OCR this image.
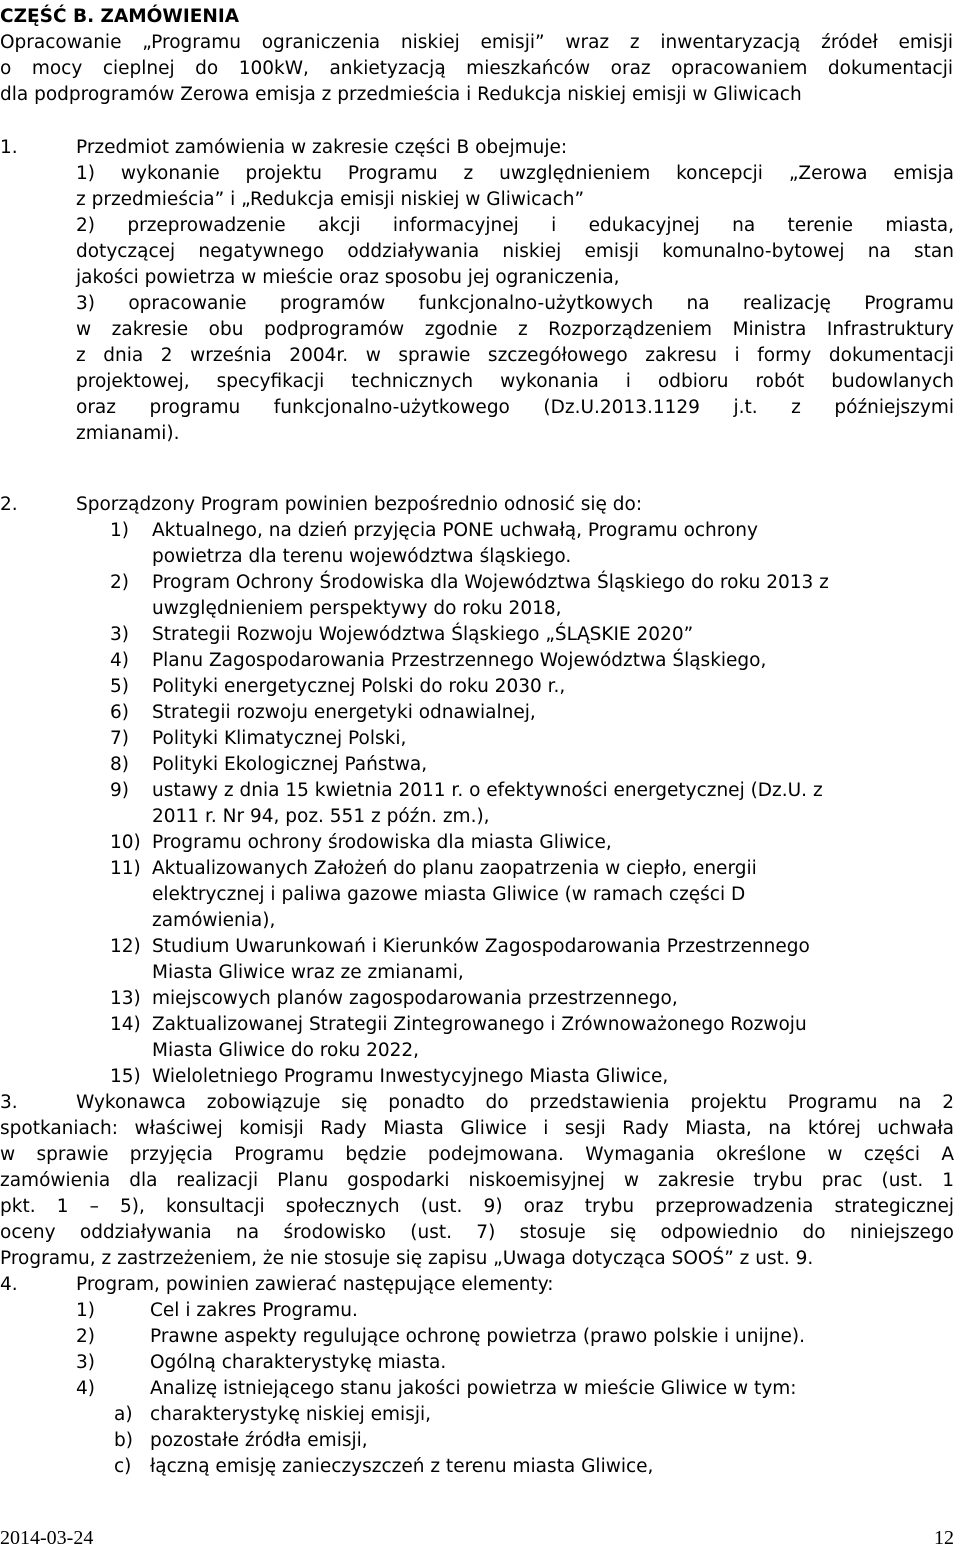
CZĘŚĆ B. ZAMÓWIENIA
Opracowanie „Programu ograniczenia niskiej emisji” wraz z inwentaryzacją źródeł emisji
o mocy cieplnej do 100kW, ankietyzacją mieszkańców oraz opracowaniem dokumentacji
dla podprogramów Zerowa emisja z przedmieścia i Redukcja niskiej emisji w Gliwicach
1.	Przedmiot zamówienia w zakresie części B obejmuje:
1) wykonanie projektu Programu z uwzględnieniem koncepcji „Zerowa emisja
z przedmieścia” i „Redukcja emisji niskiej w Gliwicach”
2) przeprowadzenie akcji informacyjnej i edukacyjnej na terenie miasta,
dotyczącej negatywnego oddziaływania niskiej emisji komunalno-bytowej na stan
jakości powietrza w mieście oraz sposobu jej ograniczenia,
3) opracowanie programów funkcjonalno-użytkowych na realizację Programu
w zakresie obu podprogramów zgodnie z Rozporządzeniem Ministra Infrastruktury
z dnia 2 września 2004r. w sprawie szczegółowego zakresu i formy dokumentacji
projektowej, specyfikacji technicznych wykonania i odbioru robót budowlanych
oraz programu funkcjonalno-użytkowego (Dz.U.2013.1129 j.t. z późniejszymi
zmianami).
2.	Sporządzony Program powinien bezpośrednio odnosić się do:
1) Aktualnego, na dzień przyjęcia PONE uchwałą, Programu ochrony
powietrza dla terenu województwa śląskiego.
2) Program Ochrony Środowiska dla Województwa Śląskiego do roku 2013 z
uwzględnieniem perspektywy do roku 2018,
3) Strategii Rozwoju Województwa Śląskiego „ŚLĄSKIE 2020”
4) Planu Zagospodarowania Przestrzennego Województwa Śląskiego,
5) Polityki energetycznej Polski do roku 2030 r.,
6) Strategii rozwoju energetyki odnawialnej,
7) Polityki Klimatycznej Polski,
8) Polityki Ekologicznej Państwa,
9) ustawy z dnia 15 kwietnia 2011 r. o efektywności energetycznej (Dz.U. z
2011 r. Nr 94, poz. 551 z późn. zm.),
10) Programu ochrony środowiska dla miasta Gliwice,
11) Aktualizowanych Założeń do planu zaopatrzenia w ciepło, energii
elektrycznej i paliwa gazowe miasta Gliwice (w ramach części D
zamówienia),
12) Studium Uwarunkowań i Kierunków Zagospodarowania Przestrzennego
Miasta Gliwice wraz ze zmianami,
13) miejscowych planów zagospodarowania przestrzennego,
14) Zaktualizowanej Strategii Zintegrowanego i Zrównoważonego Rozwoju
Miasta Gliwice do roku 2022,
15) Wieloletniego Programu Inwestycyjnego Miasta Gliwice,
3.	Wykonawca zobowiązuje się ponadto do przedstawienia projektu Programu na 2
spotkaniach: właściwej komisji Rady Miasta Gliwice i sesji Rady Miasta, na której uchwała
w sprawie przyjęcia Programu będzie podejmowana. Wymagania określone w części A
zamówienia dla realizacji Planu gospodarki niskoemisyjnej w zakresie trybu prac (ust. 1
pkt. 1 – 5), konsultacji społecznych (ust. 9) oraz trybu przeprowadzenia strategicznej
oceny oddziaływania na środowisko (ust. 7) stosuje się odpowiednio do niniejszego
Programu, z zastrzeżeniem, że nie stosuje się zapisu „Uwaga dotycząca SOOŚ” z ust. 9.
4.	Program, powinien zawierać następujące elementy:
1)	Cel i zakres Programu.
2)	Prawne aspekty regulujące ochronę powietrza (prawo polskie i unijne).
3)	Ogólną charakterystykę miasta.
4)	Analizę istniejącego stanu jakości powietrza w mieście Gliwice w tym:
a) charakterystykę niskiej emisji,
b) pozostałe źródła emisji,
c) łączną emisję zanieczyszczeń z terenu miasta Gliwice,
2014-03-24	12
